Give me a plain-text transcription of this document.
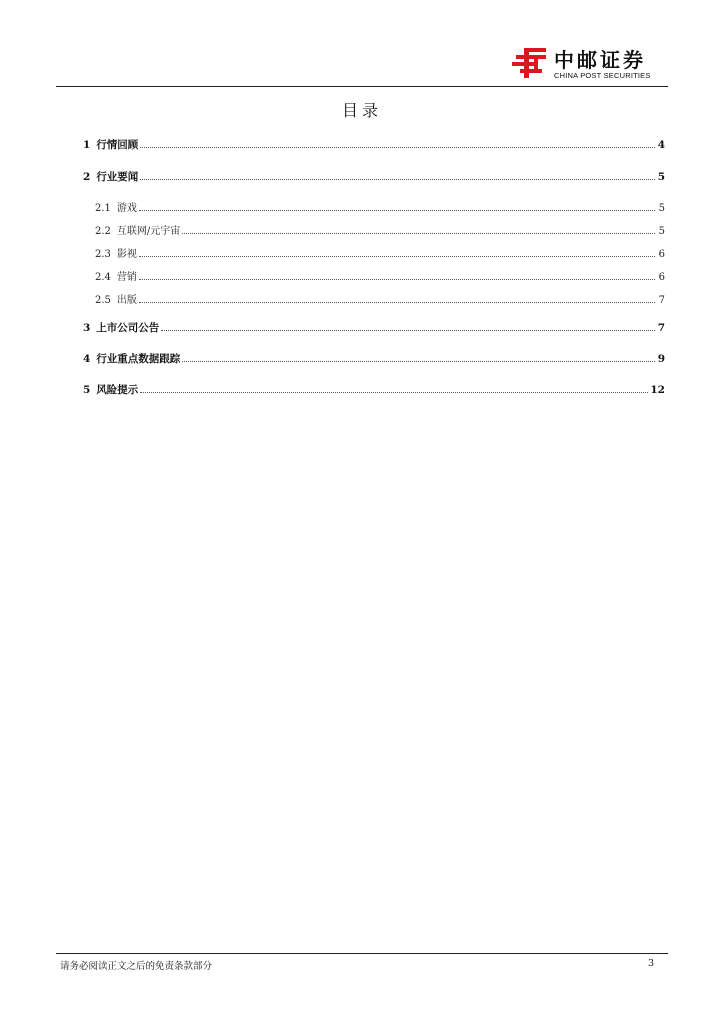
中邮证券
CHINA POST SECURITIES
目录
1 行情回顾	4
2 行业要闻	5
2.1 游戏	5
2.2 互联网/元宇宙	5
2.3 影视	6
2.4 营销	6
2.5 出版	7
3 上市公司公告	7
4 行业重点数据跟踪	9
5 风险提示	12
请务必阅读正文之后的免责条款部分	3
